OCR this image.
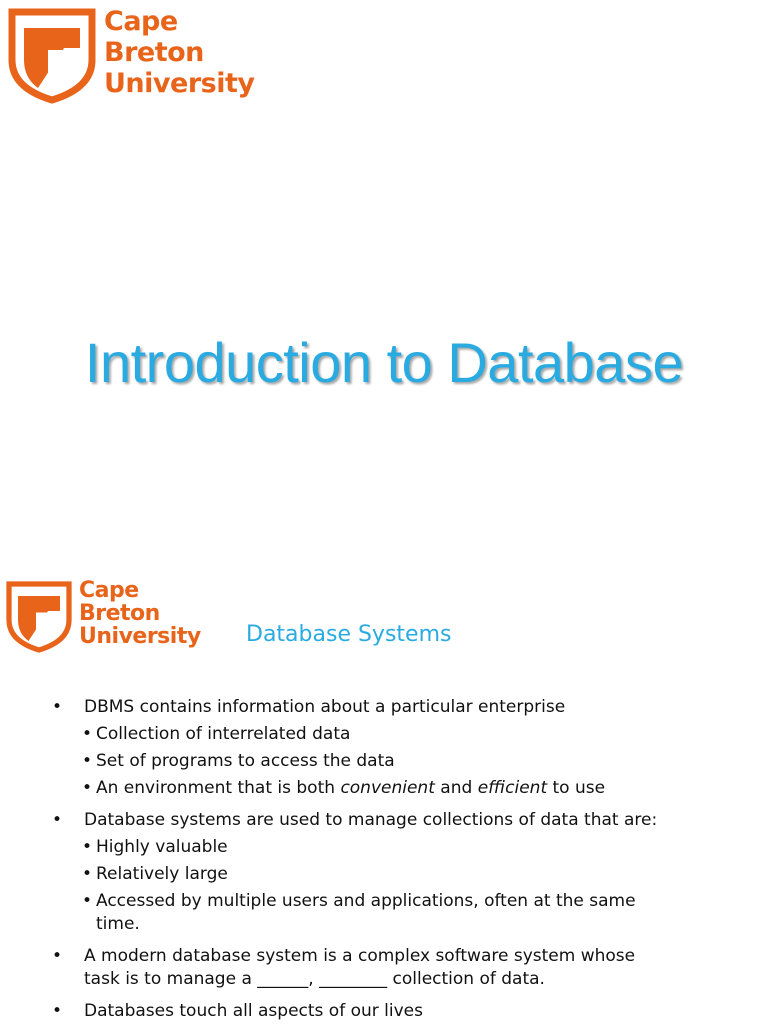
Cape
Breton
University
Introduction to Database
Cape
Breton
University Database Systems
• DBMS contains information about a particular enterprise
• Collection of interrelated data
• Set of programs to access the data
• An environment that is both convenient and efficient to use
• Database systems are used to manage collections of data that are:
• Highly valuable
• Relatively large
• Accessed by multiple users and applications, often at the same time.
• A modern database system is a complex software system whose task is to manage a ______, ________ collection of data.
• Databases touch all aspects of our lives
